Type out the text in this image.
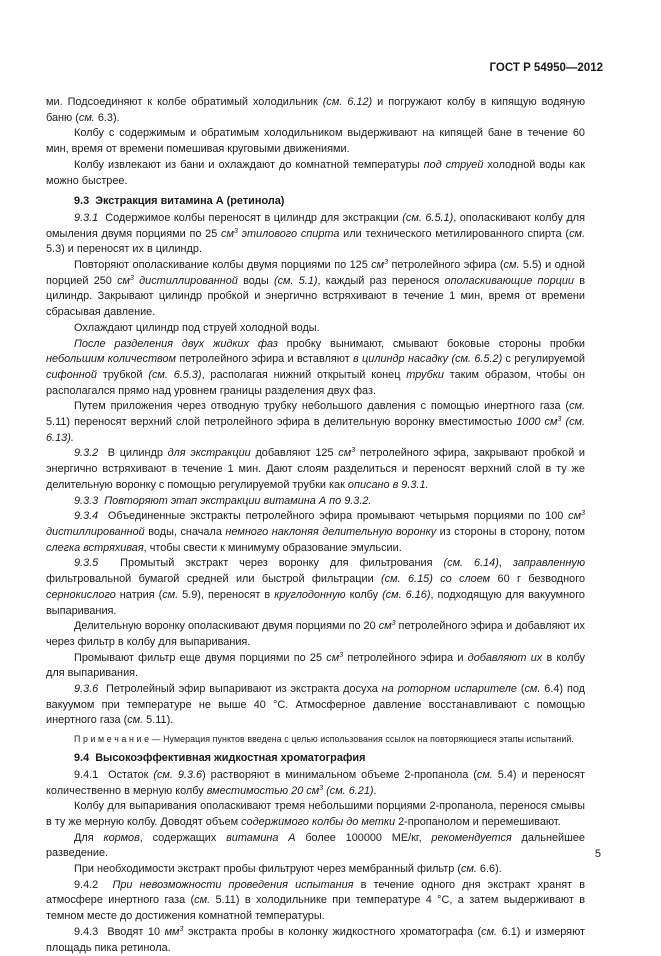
ГОСТ Р 54950—2012

ми. Подсоединяют к колбе обратимый холодильник (см. 6.12) и погружают колбу в кипящую водяную баню (см. 6.3).

Колбу с содержимым и обратимым холодильником выдерживают на кипящей бане в течение 60 мин, время от времени помешивая круговыми движениями.

Колбу извлекают из бани и охлаждают до комнатной температуры под струей холодной воды как можно быстрее.

9.3  Экстракция витамина А (ретинола)

9.3.1  Содержимое колбы переносят в цилиндр для экстракции (см. 6.5.1), ополаскивают колбу для омыления двумя порциями по 25 $см^3$ этилового спирта или технического метилированного спирта (см. 5.3) и переносят их в цилиндр.

Повторяют ополаскивание колбы двумя порциями по 125 $см^3$ петролейного эфира (см. 5.5) и одной порцией 250 $см^3$ дистиллированной воды (см. 5.1), каждый раз перенося ополаскивающие порции в цилиндр. Закрывают цилиндр пробкой и энергично встряхивают в течение 1 мин, время от времени сбрасывая давление.

Охлаждают цилиндр под струей холодной воды.

После разделения двух жидких фаз пробку вынимают, смывают боковые стороны пробки небольшим количеством петролейного эфира и вставляют в цилиндр насадку (см. 6.5.2) с регулируемой сифонной трубкой (см. 6.5.3), располагая нижний открытый конец трубки таким образом, чтобы он располагался прямо над уровнем границы разделения двух фаз.

Путем приложения через отводную трубку небольшого давления с помощью инертного газа (см. 5.11) переносят верхний слой петролейного эфира в делительную воронку вместимостью 1000 $см^3$ (см. 6.13).

9.3.2  В цилиндр для экстракции добавляют 125 $см^3$ петролейного эфира, закрывают пробкой и энергично встряхивают в течение 1 мин. Дают слоям разделиться и переносят верхний слой в ту же делительную воронку с помощью регулируемой трубки как описано в 9.3.1.

9.3.3  Повторяют этап экстракции витамина А по 9.3.2.

9.3.4  Объединенные экстракты петролейного эфира промывают четырьмя порциями по 100 $см^3$ дистиллированной воды, сначала немного наклоняя делительную воронку из стороны в сторону, потом слегка встряхивая, чтобы свести к минимуму образование эмульсии.

9.3.5  Промытый экстракт через воронку для фильтрования (см. 6.14), заправленную фильтровальной бумагой средней или быстрой фильтрации (см. 6.15) со слоем 60 г безводного сернокислого натрия (см. 5.9), переносят в круглодонную колбу (см. 6.16), подходящую для вакуумного выпаривания.

Делительную воронку ополаскивают двумя порциями по 20 $см^3$ петролейного эфира и добавляют их через фильтр в колбу для выпаривания.

Промывают фильтр еще двумя порциями по 25 $см^3$ петролейного эфира и добавляют их в колбу для выпаривания.

9.3.6  Петролейный эфир выпаривают из экстракта досуха на роторном испарителе (см. 6.4) под вакуумом при температуре не выше 40 °С. Атмосферное давление восстанавливают с помощью инертного газа (см. 5.11).

П р и м е ч а н и е — Нумерация пунктов введена с целью использования ссылок на повторяющиеся этапы испытаний.

9.4  Высокоэффективная жидкостная хроматография

9.4.1  Остаток (см. 9.3.6) растворяют в минимальном объеме 2-пропанола (см. 5.4) и переносят количественно в мерную колбу вместимостью 20 $см^3$ (см. 6.21).

Колбу для выпаривания ополаскивают тремя небольшими порциями 2-пропанола, перенося смывы в ту же мерную колбу. Доводят объем содержимого колбы до метки 2-пропанолом и перемешивают.

Для кормов, содержащих витамина А более 100000 МЕ/кг, рекомендуется дальнейшее разведение.

При необходимости экстракт пробы фильтруют через мембранный фильтр (см. 6.6).

9.4.2  При невозможности проведения испытания в течение одного дня экстракт хранят в атмосфере инертного газа (см. 5.11) в холодильнике при температуре 4 °С, а затем выдерживают в темном месте до достижения комнатной температуры.

9.4.3  Вводят 10 $мм^3$ экстракта пробы в колонку жидкостного хроматографа (см. 6.1) и измеряют площадь пика ретинола.

5
